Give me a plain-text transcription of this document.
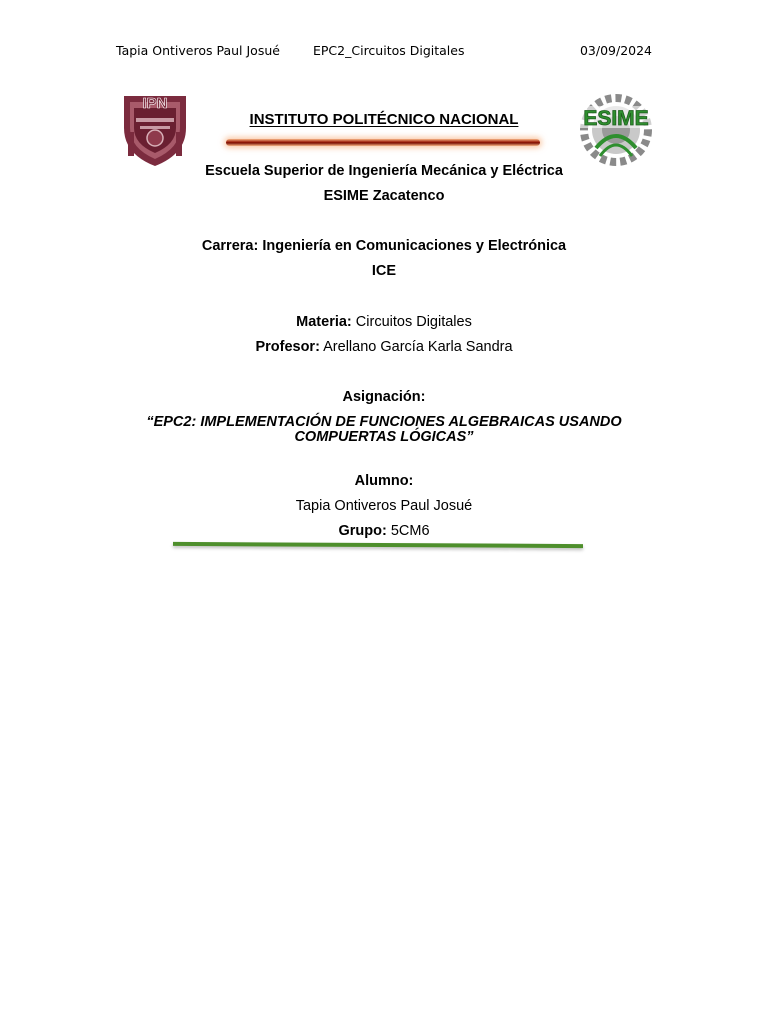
Tapia Ontiveros Paul Josué	EPC2_Circuitos Digitales	03/09/2024
IPN
ESIME
INSTITUTO POLITÉCNICO NACIONAL
Escuela Superior de Ingeniería Mecánica y Eléctrica
ESIME Zacatenco
Carrera: Ingeniería en Comunicaciones y Electrónica
ICE
Materia: Circuitos Digitales
Profesor: Arellano García Karla Sandra
Asignación:
“EPC2: IMPLEMENTACIÓN DE FUNCIONES ALGEBRAICAS USANDO COMPUERTAS LÓGICAS”
Alumno:
Tapia Ontiveros Paul Josué
Grupo: 5CM6
